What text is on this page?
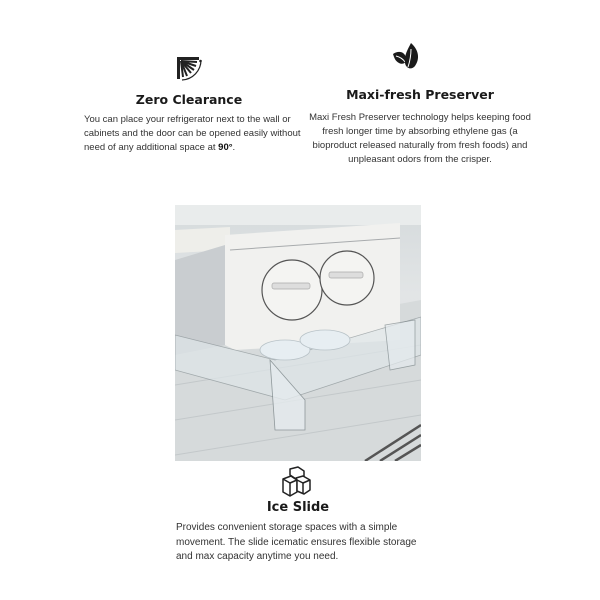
Zero Clearance
You can place your refrigerator next to the wall or cabinets and the door can be opened easily without need of any additional space at 90°.
Maxi-fresh Preserver
Maxi Fresh Preserver technology helps keeping food fresh longer time by absorbing ethylene gas (a bioproduct released naturally from fresh foods) and unpleasant odors from the crisper.
Ice Slide
Provides convenient storage spaces with a simple movement. The slide icematic ensures flexible storage and max capacity anytime you need.
